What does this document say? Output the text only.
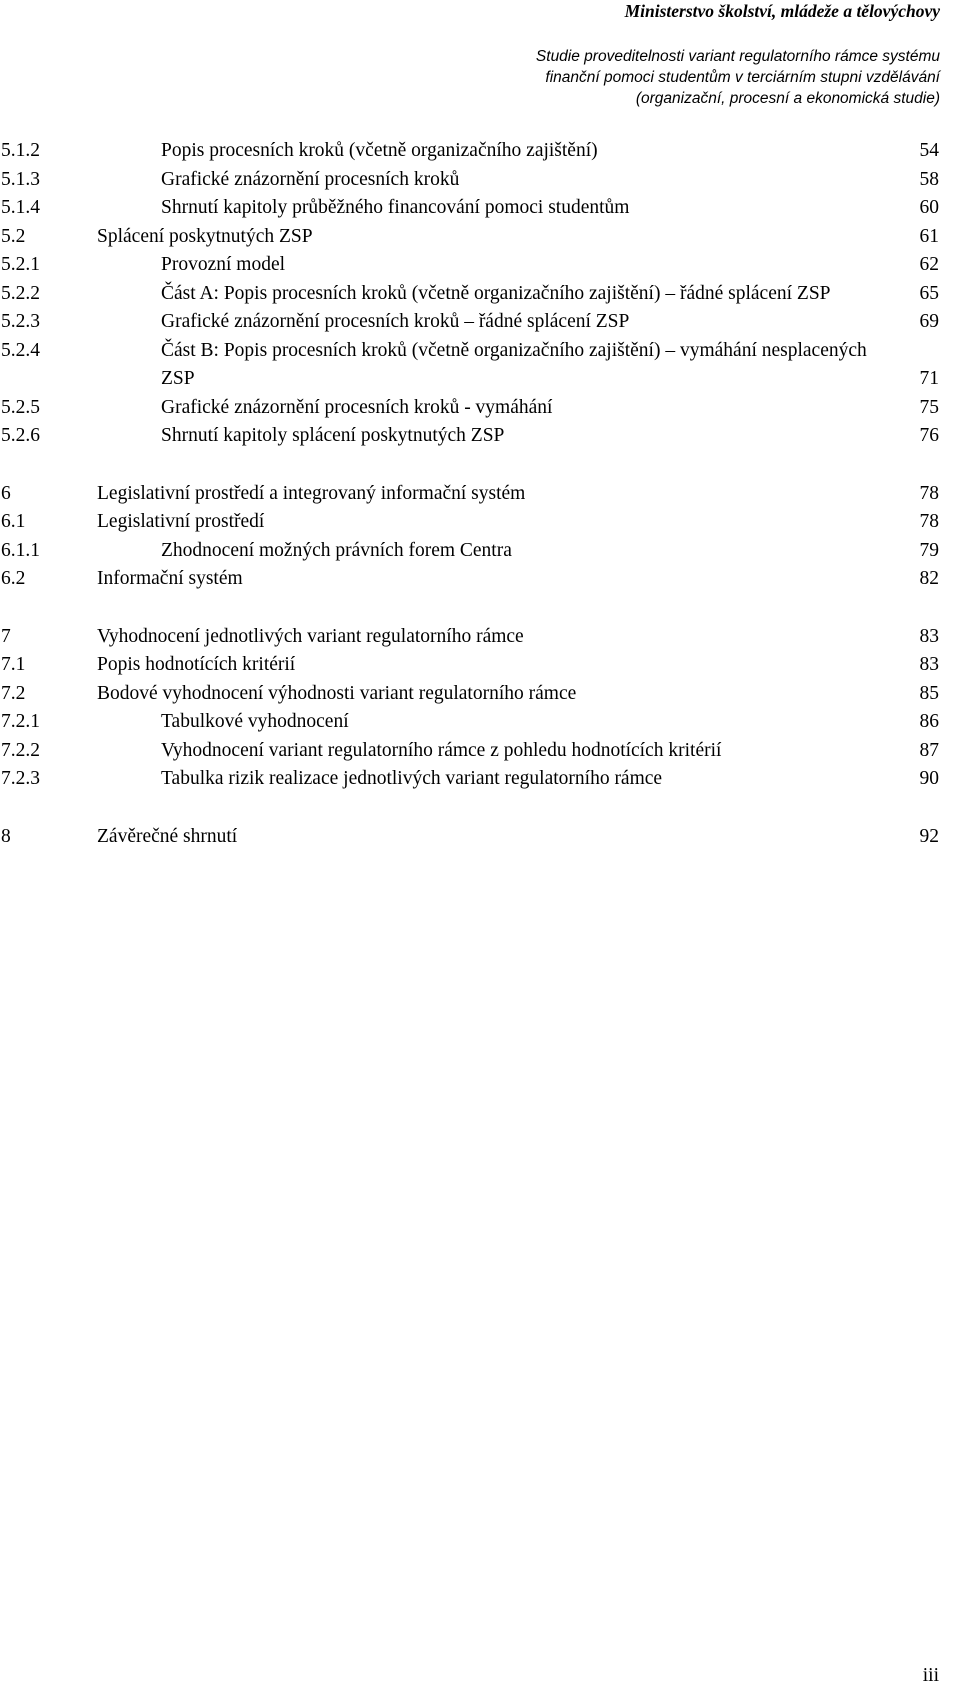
Ministerstvo školství, mládeže a tělovýchovy
Studie proveditelnosti variant regulatorního rámce systému
finanční pomoci studentům v terciárním stupni vzdělávání
(organizační, procesní a ekonomická studie)
5.1.2	Popis procesních kroků (včetně organizačního zajištění)	54
5.1.3	Grafické znázornění procesních kroků	58
5.1.4	Shrnutí kapitoly průběžného financování pomoci studentům	60
5.2	Splácení poskytnutých ZSP	61
5.2.1	Provozní model	62
5.2.2	Část A: Popis procesních kroků (včetně organizačního zajištění) – řádné splácení ZSP	65
5.2.3	Grafické znázornění procesních kroků – řádné splácení ZSP	69
5.2.4	Část B: Popis procesních kroků (včetně organizačního zajištění) – vymáhání nesplacených ZSP	71
5.2.5	Grafické znázornění procesních kroků - vymáhání	75
5.2.6	Shrnutí kapitoly splácení poskytnutých ZSP	76
6	Legislativní prostředí a integrovaný informační systém	78
6.1	Legislativní prostředí	78
6.1.1	Zhodnocení možných právních forem Centra	79
6.2	Informační systém	82
7	Vyhodnocení jednotlivých variant regulatorního rámce	83
7.1	Popis hodnotících kritérií	83
7.2	Bodové vyhodnocení výhodnosti variant regulatorního rámce	85
7.2.1	Tabulkové vyhodnocení	86
7.2.2	Vyhodnocení variant regulatorního rámce z pohledu hodnotících kritérií	87
7.2.3	Tabulka rizik realizace jednotlivých variant regulatorního rámce	90
8	Závěrečné shrnutí	92
iii
